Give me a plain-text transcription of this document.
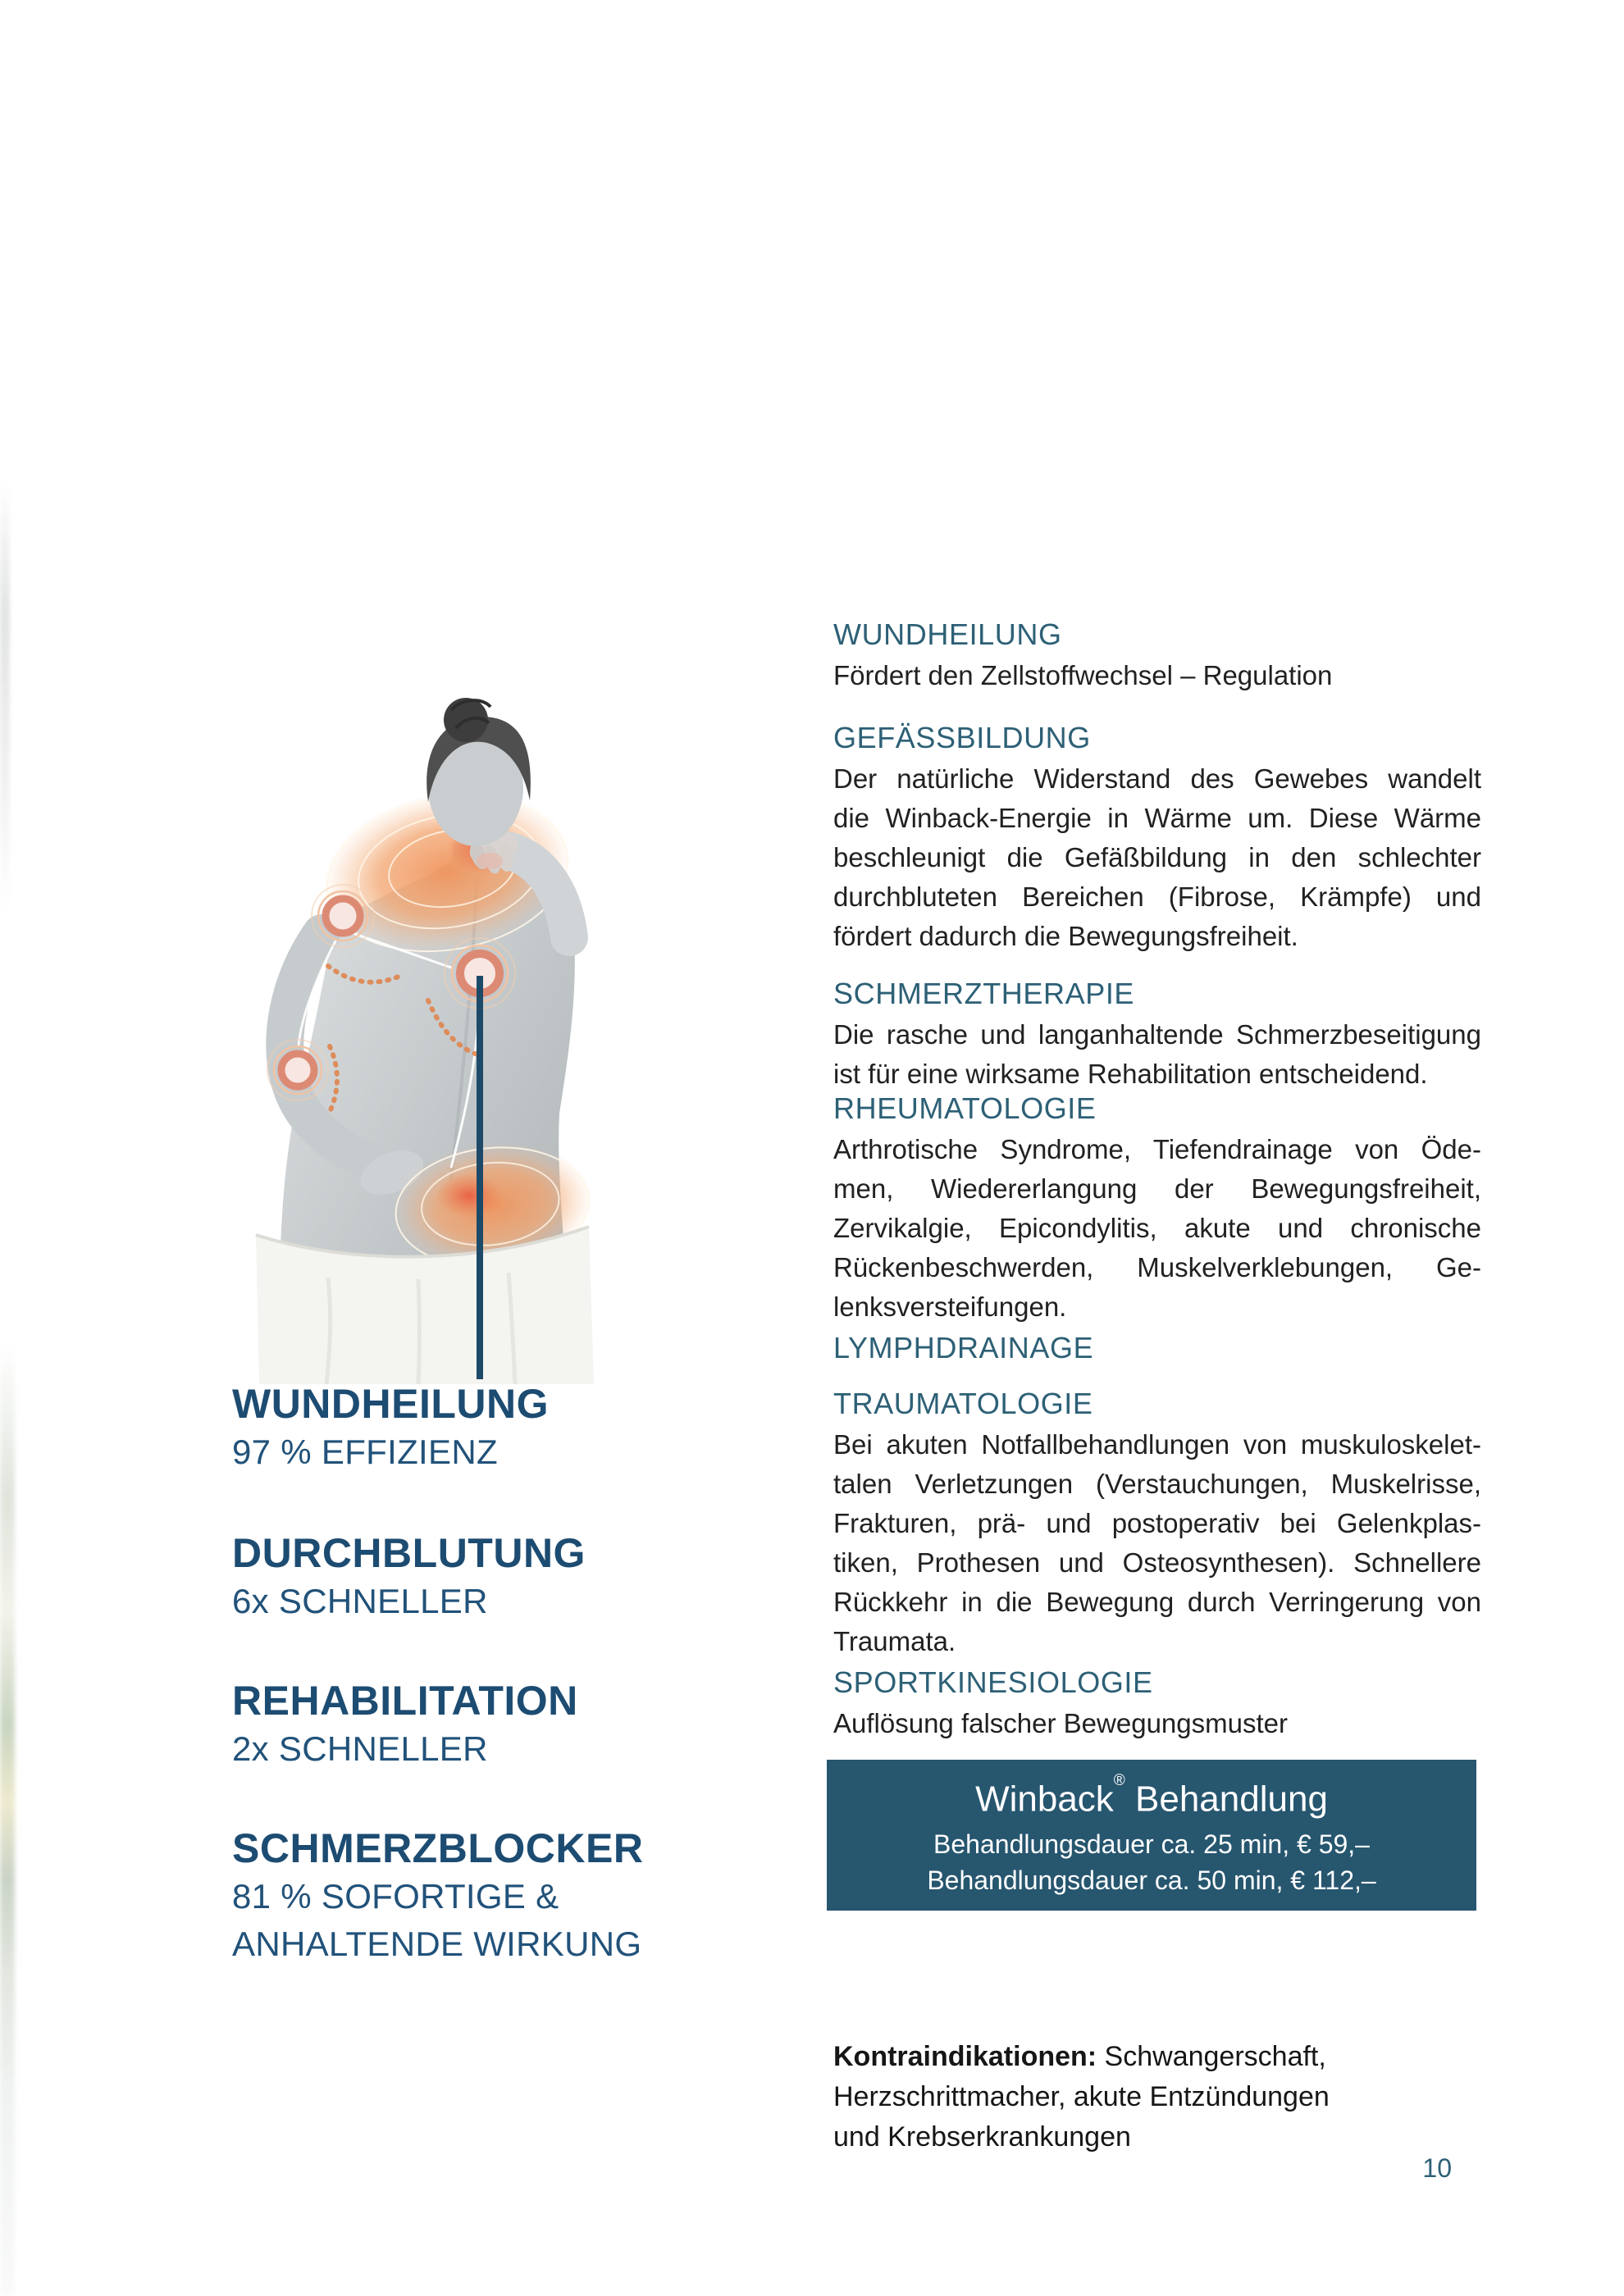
WUNDHEILUNG
97 % EFFIZIENZ
DURCHBLUTUNG
6x SCHNELLER
REHABILITATION
2x SCHNELLER
SCHMERZBLOCKER
81 % SOFORTIGE &
ANHALTENDE WIRKUNG
WUNDHEILUNG
Fördert den Zellstoffwechsel – Regulation
GEFÄSSBILDUNG
Der natürliche Widerstand des Gewebes wandelt
die Winback-Energie in Wärme um. Diese Wärme
beschleunigt die Gefäßbildung in den schlechter
durchbluteten Bereichen (Fibrose, Krämpfe) und
fördert dadurch die Bewegungsfreiheit.
SCHMERZTHERAPIE
Die rasche und langanhaltende Schmerzbeseitigung
ist für eine wirksame Rehabilitation entscheidend.
RHEUMATOLOGIE
Arthrotische Syndrome, Tiefendrainage von Öde-
men, Wiedererlangung der Bewegungsfreiheit,
Zervikalgie, Epicondylitis, akute und chronische
Rückenbeschwerden, Muskelverklebungen, Ge-
lenksversteifungen.
LYMPHDRAINAGE
TRAUMATOLOGIE
Bei akuten Notfallbehandlungen von muskuloskelet-
talen Verletzungen (Verstauchungen, Muskelrisse,
Frakturen, prä- und postoperativ bei Gelenkplas-
tiken, Prothesen und Osteosynthesen). Schnellere
Rückkehr in die Bewegung durch Verringerung von
Traumata.
SPORTKINESIOLOGIE
Auflösung falscher Bewegungsmuster
Winback® Behandlung
Behandlungsdauer ca. 25 min, € 59,–
Behandlungsdauer ca. 50 min, € 112,–
Kontraindikationen: Schwangerschaft,
Herzschrittmacher, akute Entzündungen
und Krebserkrankungen
10
